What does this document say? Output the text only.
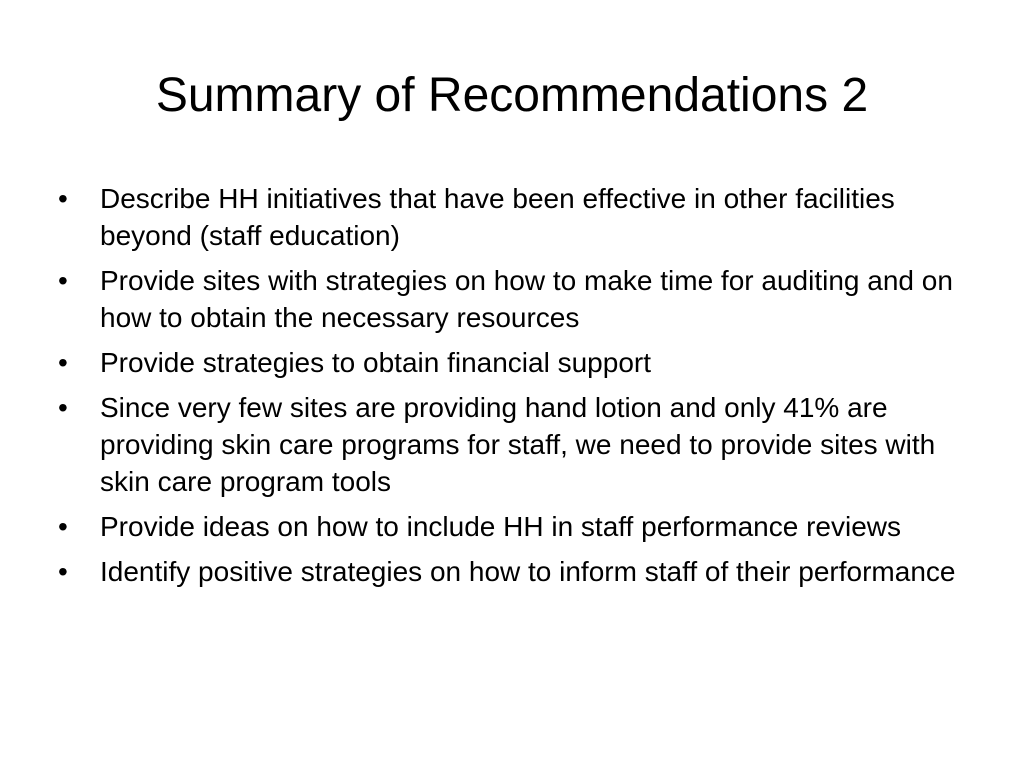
Summary of Recommendations 2
•	Describe HH initiatives that have been effective in other facilities beyond (staff education)
•	Provide sites with strategies on how to make time for auditing and on how to obtain the necessary resources
•	Provide strategies to obtain financial support
•	Since very few sites are providing hand lotion and only 41% are providing skin care programs for staff, we need to provide sites with skin care program tools
•	Provide ideas on how to include HH in staff performance reviews
•	Identify positive strategies on how to inform staff of their performance
